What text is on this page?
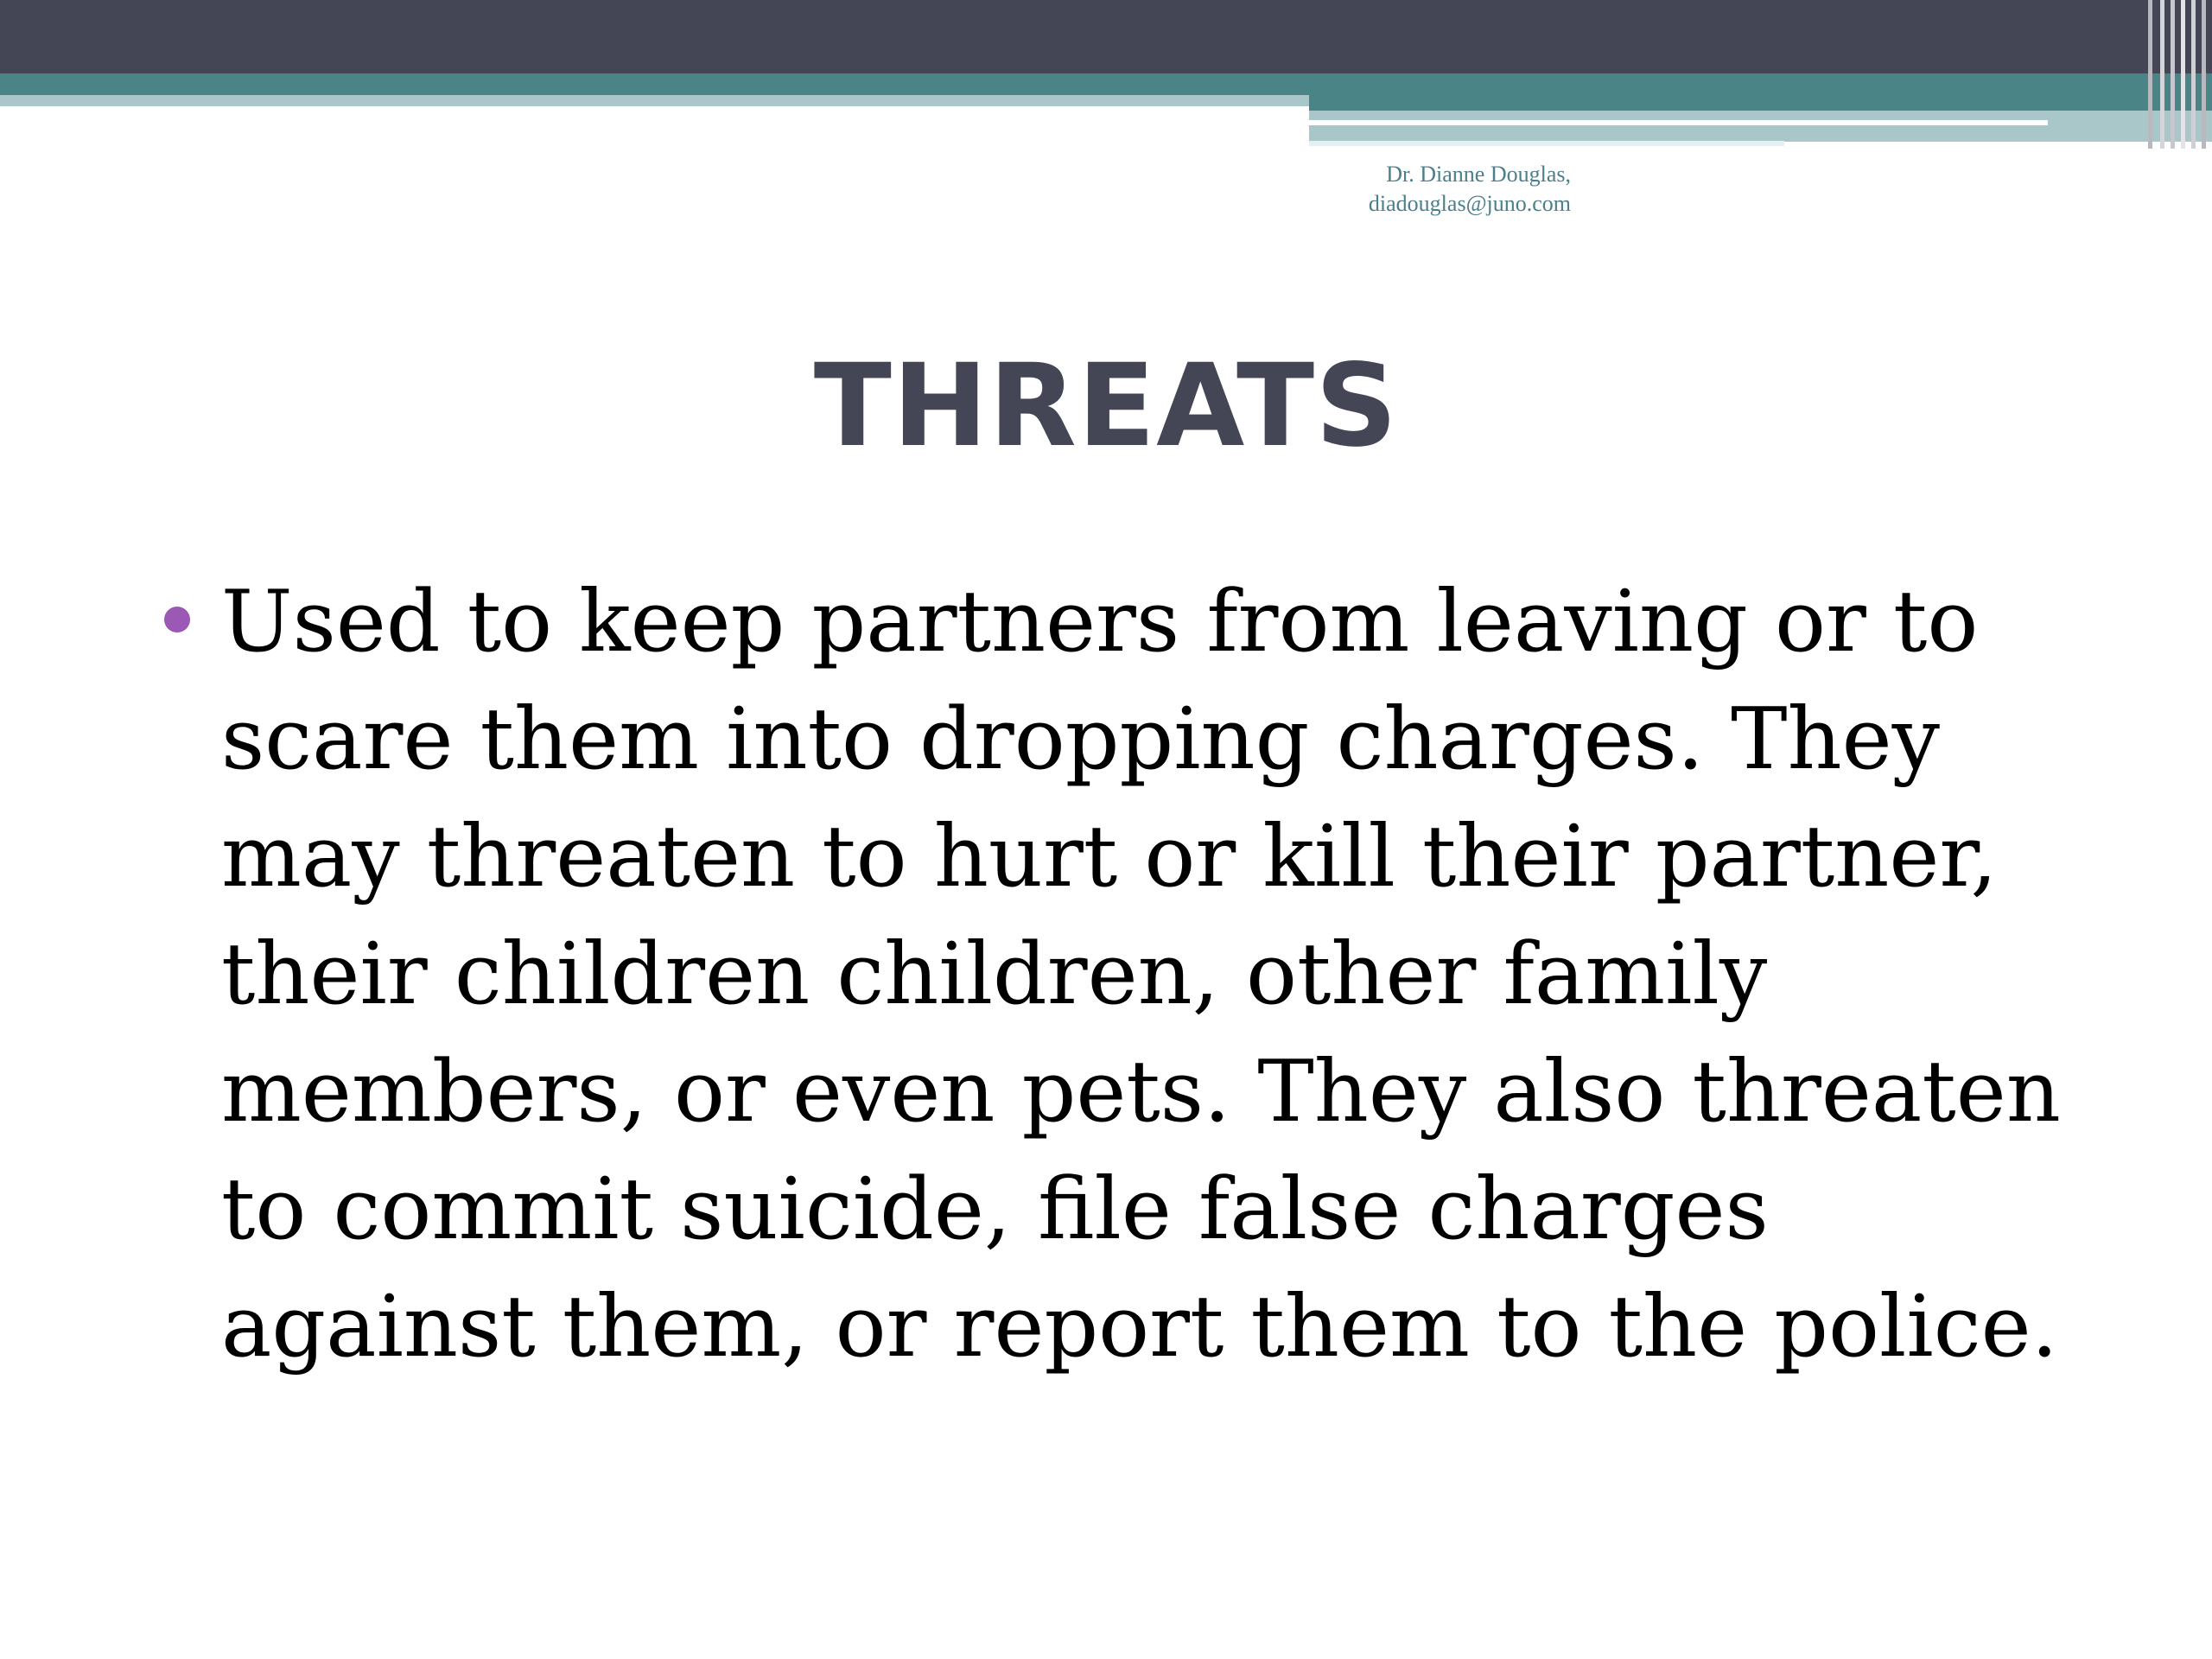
Dr. Dianne Douglas,
diadouglas@juno.com
THREATS
Used to keep partners from leaving or to
scare them into dropping charges. They
may threaten to hurt or kill their partner,
their children children, other family
members, or even pets. They also threaten
to commit suicide, file false charges
against them, or report them to the police.
